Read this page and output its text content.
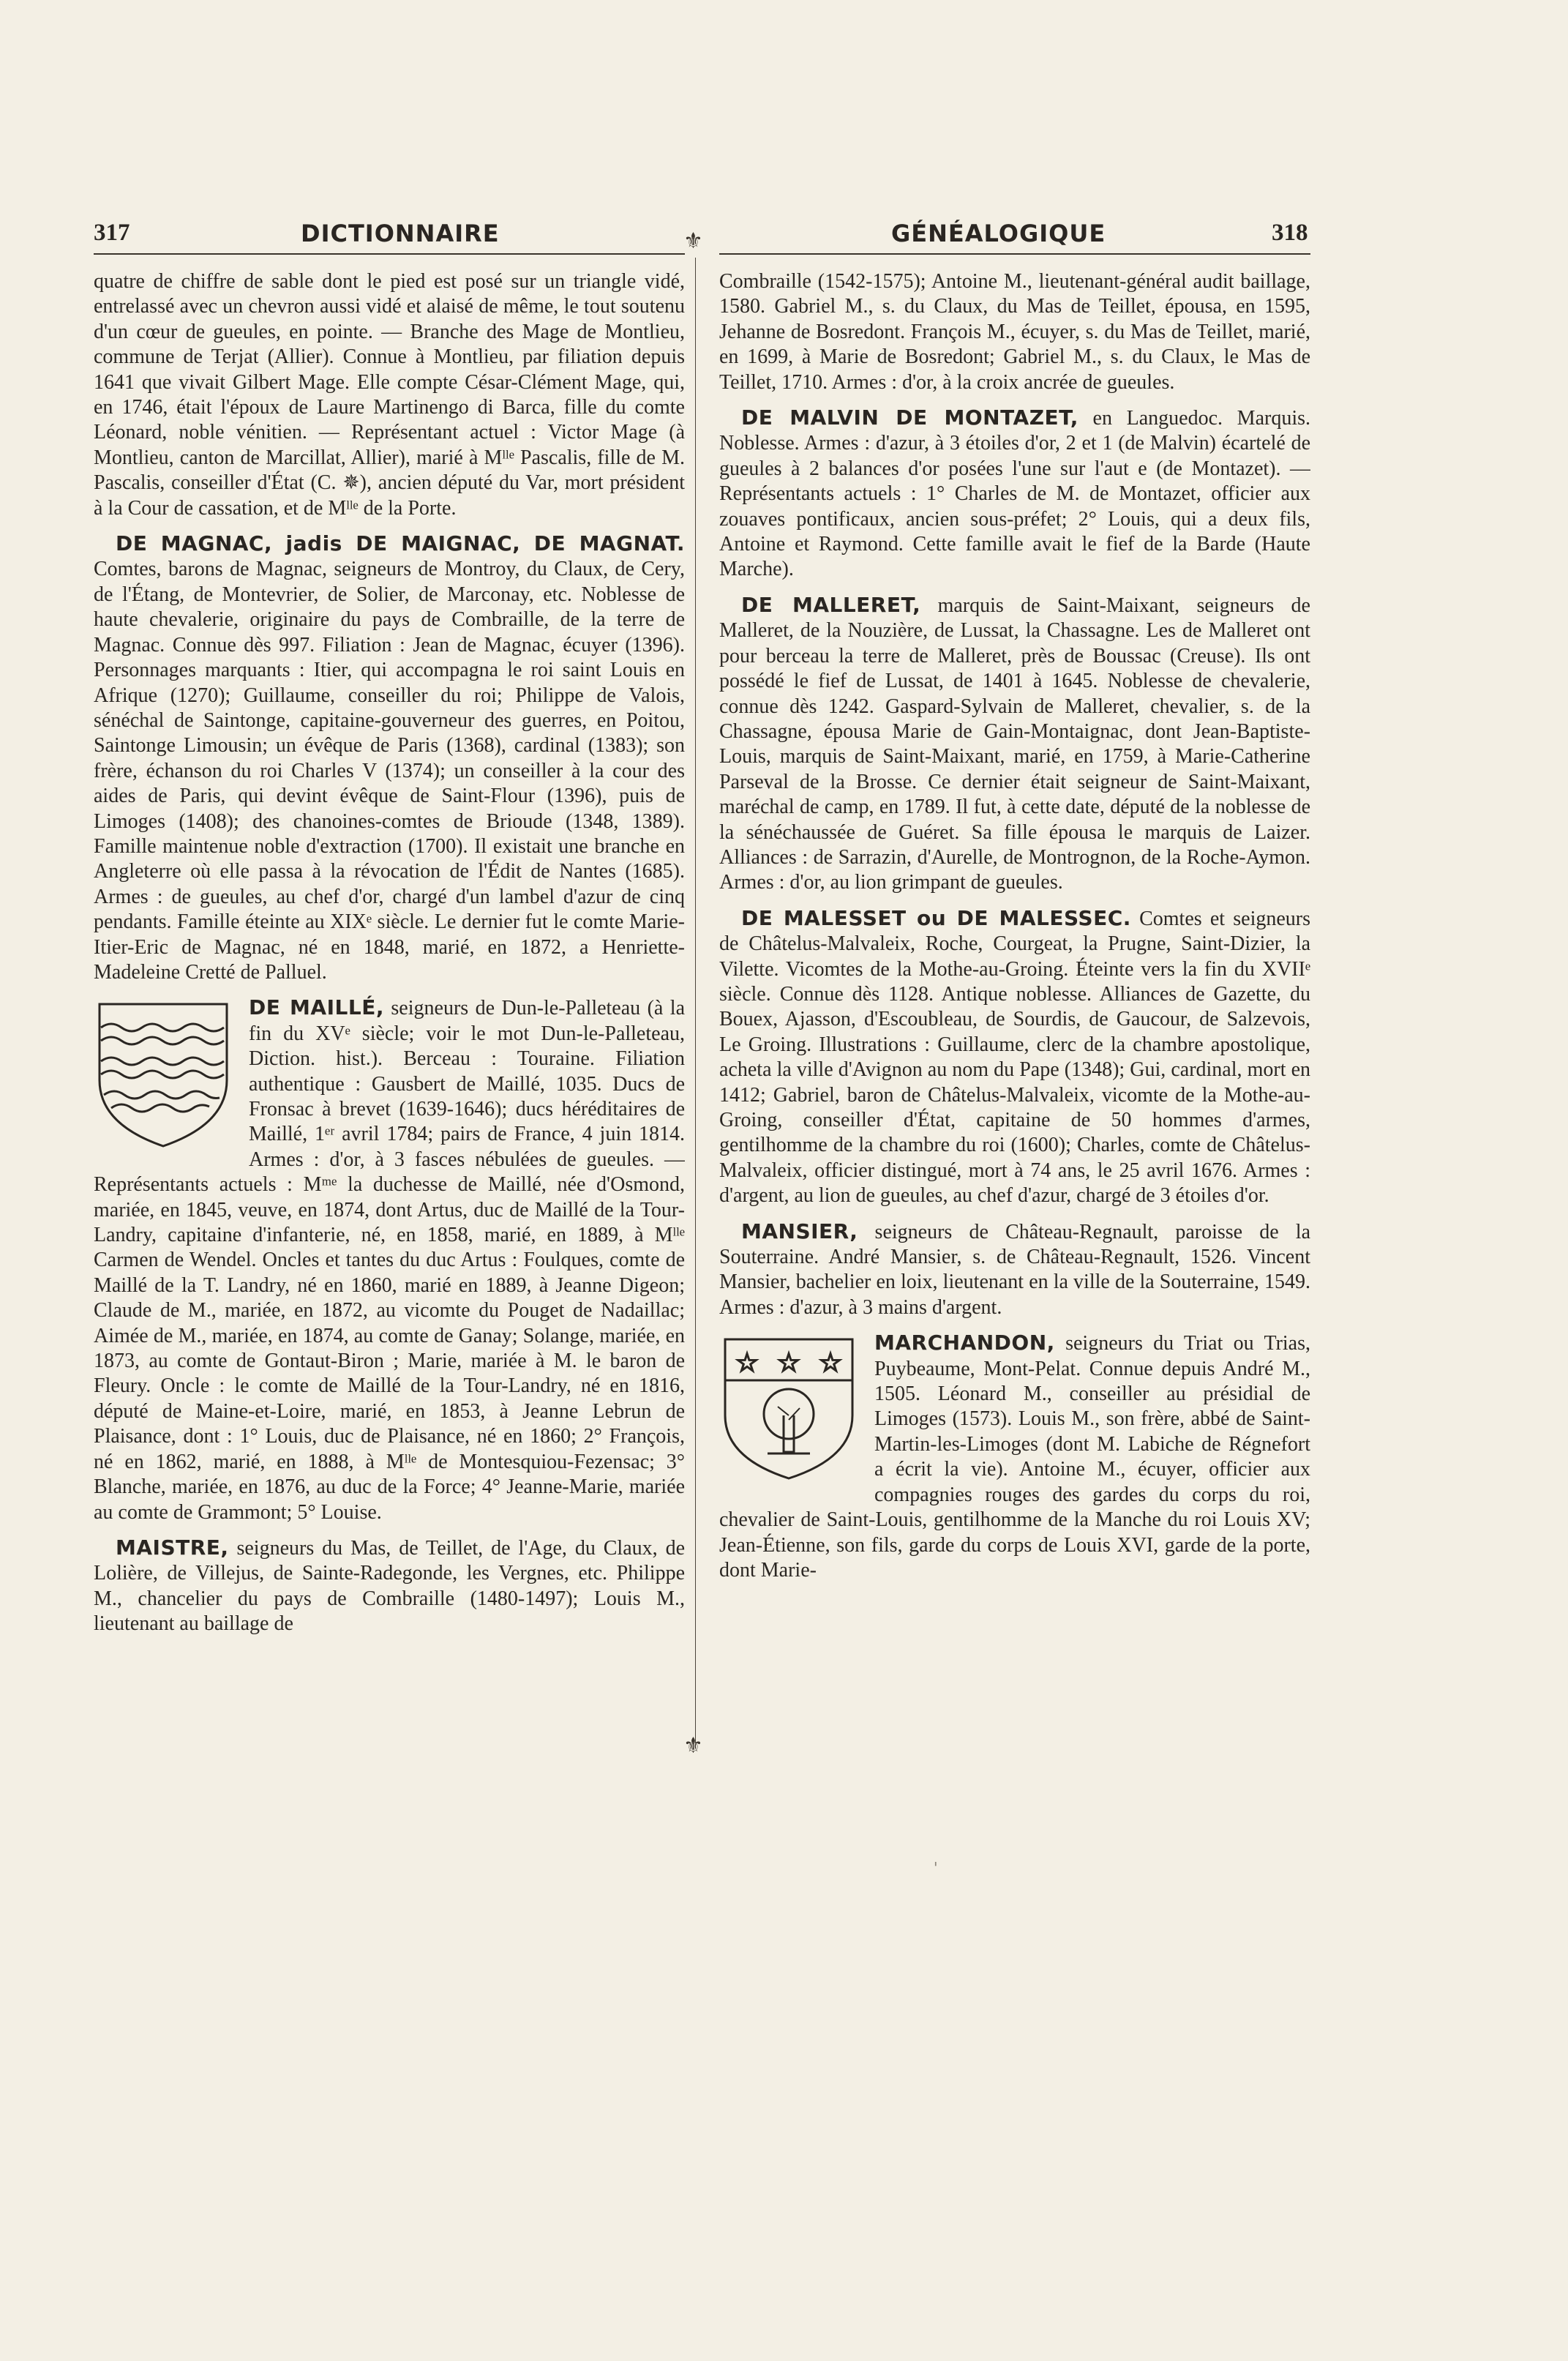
317	DICTIONNAIRE	GÉNÉALOGIQUE	318
⚜
⚜

quatre de chiffre de sable dont le pied est posé sur un triangle vidé, entrelassé avec un chevron aussi vidé et alaisé de même, le tout soutenu d'un cœur de gueules, en pointe. — Branche des Mage de Montlieu, commune de Terjat (Allier). Connue à Montlieu, par filiation depuis 1641 que vivait Gilbert Mage. Elle compte César-Clément Mage, qui, en 1746, était l'époux de Laure Martinengo di Barca, fille du comte Léonard, noble vénitien. — Représentant actuel : Victor Mage (à Montlieu, canton de Marcillat, Allier), marié à Mˡˡᵉ Pascalis, fille de M. Pascalis, conseiller d'État (C. ✵), ancien député du Var, mort président à la Cour de cassation, et de Mˡˡᵉ de la Porte.

DE MAGNAC, jadis DE MAIGNAC, DE MAGNAT. Comtes, barons de Magnac, seigneurs de Montroy, du Claux, de Cery, de l'Étang, de Montevrier, de Solier, de Marconay, etc. Noblesse de haute chevalerie, originaire du pays de Combraille, de la terre de Magnac. Connue dès 997. Filiation : Jean de Magnac, écuyer (1396). Personnages marquants : Itier, qui accompagna le roi saint Louis en Afrique (1270); Guillaume, conseiller du roi; Philippe de Valois, sénéchal de Saintonge, capitaine-gouverneur des guerres, en Poitou, Saintonge Limousin; un évêque de Paris (1368), cardinal (1383); son frère, échanson du roi Charles V (1374); un conseiller à la cour des aides de Paris, qui devint évêque de Saint-Flour (1396), puis de Limoges (1408); des chanoines-comtes de Brioude (1348, 1389). Famille maintenue noble d'extraction (1700). Il existait une branche en Angleterre où elle passa à la révocation de l'Édit de Nantes (1685). Armes : de gueules, au chef d'or, chargé d'un lambel d'azur de cinq pendants. Famille éteinte au XIXᵉ siècle. Le dernier fut le comte Marie-Itier-Eric de Magnac, né en 1848, marié, en 1872, a Henriette-Madeleine Cretté de Palluel.

DE MAILLÉ, seigneurs de Dun-le-Palleteau (à la fin du XVᵉ siècle; voir le mot Dun-le-Palleteau, Diction. hist.). Berceau : Touraine. Filiation authentique : Gausbert de Maillé, 1035. Ducs de Fronsac à brevet (1639-1646); ducs héréditaires de Maillé, 1ᵉʳ avril 1784; pairs de France, 4 juin 1814. Armes : d'or, à 3 fasces nébulées de gueules. — Représentants actuels : Mᵐᵉ la duchesse de Maillé, née d'Osmond, mariée, en 1845, veuve, en 1874, dont Artus, duc de Maillé de la Tour-Landry, capitaine d'infanterie, né, en 1858, marié, en 1889, à Mˡˡᵉ Carmen de Wendel. Oncles et tantes du duc Artus : Foulques, comte de Maillé de la T. Landry, né en 1860, marié en 1889, à Jeanne Digeon; Claude de M., mariée, en 1872, au vicomte du Pouget de Nadaillac; Aimée de M., mariée, en 1874, au comte de Ganay; Solange, mariée, en 1873, au comte de Gontaut-Biron ; Marie, mariée à M. le baron de Fleury. Oncle : le comte de Maillé de la Tour-Landry, né en 1816, député de Maine-et-Loire, marié, en 1853, à Jeanne Lebrun de Plaisance, dont : 1° Louis, duc de Plaisance, né en 1860; 2° François, né en 1862, marié, en 1888, à Mˡˡᵉ de Montesquiou-Fezensac; 3° Blanche, mariée, en 1876, au duc de la Force; 4° Jeanne-Marie, mariée au comte de Grammont; 5° Louise.

MAISTRE, seigneurs du Mas, de Teillet, de l'Age, du Claux, de Lolière, de Villejus, de Sainte-Radegonde, les Vergnes, etc. Philippe M., chancelier du pays de Combraille (1480-1497); Louis M., lieutenant au baillage de

Combraille (1542-1575); Antoine M., lieutenant-général audit baillage, 1580. Gabriel M., s. du Claux, du Mas de Teillet, épousa, en 1595, Jehanne de Bosredont. François M., écuyer, s. du Mas de Teillet, marié, en 1699, à Marie de Bosredont; Gabriel M., s. du Claux, le Mas de Teillet, 1710. Armes : d'or, à la croix ancrée de gueules.

DE MALVIN DE MONTAZET, en Languedoc. Marquis. Noblesse. Armes : d'azur, à 3 étoiles d'or, 2 et 1 (de Malvin) écartelé de gueules à 2 balances d'or posées l'une sur l'aut e (de Montazet). — Représentants actuels : 1° Charles de M. de Montazet, officier aux zouaves pontificaux, ancien sous-préfet; 2° Louis, qui a deux fils, Antoine et Raymond. Cette famille avait le fief de la Barde (Haute Marche).

DE MALLERET, marquis de Saint-Maixant, seigneurs de Malleret, de la Nouzière, de Lussat, la Chassagne. Les de Malleret ont pour berceau la terre de Malleret, près de Boussac (Creuse). Ils ont possédé le fief de Lussat, de 1401 à 1645. Noblesse de chevalerie, connue dès 1242. Gaspard-Sylvain de Malleret, chevalier, s. de la Chassagne, épousa Marie de Gain-Montaignac, dont Jean-Baptiste-Louis, marquis de Saint-Maixant, marié, en 1759, à Marie-Catherine Parseval de la Brosse. Ce dernier était seigneur de Saint-Maixant, maréchal de camp, en 1789. Il fut, à cette date, député de la noblesse de la sénéchaussée de Guéret. Sa fille épousa le marquis de Laizer. Alliances : de Sarrazin, d'Aurelle, de Montrognon, de la Roche-Aymon. Armes : d'or, au lion grimpant de gueules.

DE MALESSET ou DE MALESSEC. Comtes et seigneurs de Châtelus-Malvaleix, Roche, Courgeat, la Prugne, Saint-Dizier, la Vilette. Vicomtes de la Mothe-au-Groing. Éteinte vers la fin du XVIIᵉ siècle. Connue dès 1128. Antique noblesse. Alliances de Gazette, du Bouex, Ajasson, d'Escoubleau, de Sourdis, de Gaucour, de Salzevois, Le Groing. Illustrations : Guillaume, clerc de la chambre apostolique, acheta la ville d'Avignon au nom du Pape (1348); Gui, cardinal, mort en 1412; Gabriel, baron de Châtelus-Malvaleix, vicomte de la Mothe-au-Groing, conseiller d'État, capitaine de 50 hommes d'armes, gentilhomme de la chambre du roi (1600); Charles, comte de Châtelus-Malvaleix, officier distingué, mort à 74 ans, le 25 avril 1676. Armes : d'argent, au lion de gueules, au chef d'azur, chargé de 3 étoiles d'or.

MANSIER, seigneurs de Château-Regnault, paroisse de la Souterraine. André Mansier, s. de Château-Regnault, 1526. Vincent Mansier, bachelier en loix, lieutenant en la ville de la Souterraine, 1549. Armes : d'azur, à 3 mains d'argent.

☆ ☆ ☆
MARCHANDON, seigneurs du Triat ou Trias, Puybeaume, Mont-Pelat. Connue depuis André M., 1505. Léonard M., conseiller au présidial de Limoges (1573). Louis M., son frère, abbé de Saint-Martin-les-Limoges (dont M. Labiche de Régnefort a écrit la vie). Antoine M., écuyer, officier aux compagnies rouges des gardes du corps du roi, chevalier de Saint-Louis, gentilhomme de la Manche du roi Louis XV; Jean-Étienne, son fils, garde du corps de Louis XVI, garde de la porte, dont Marie-

'
